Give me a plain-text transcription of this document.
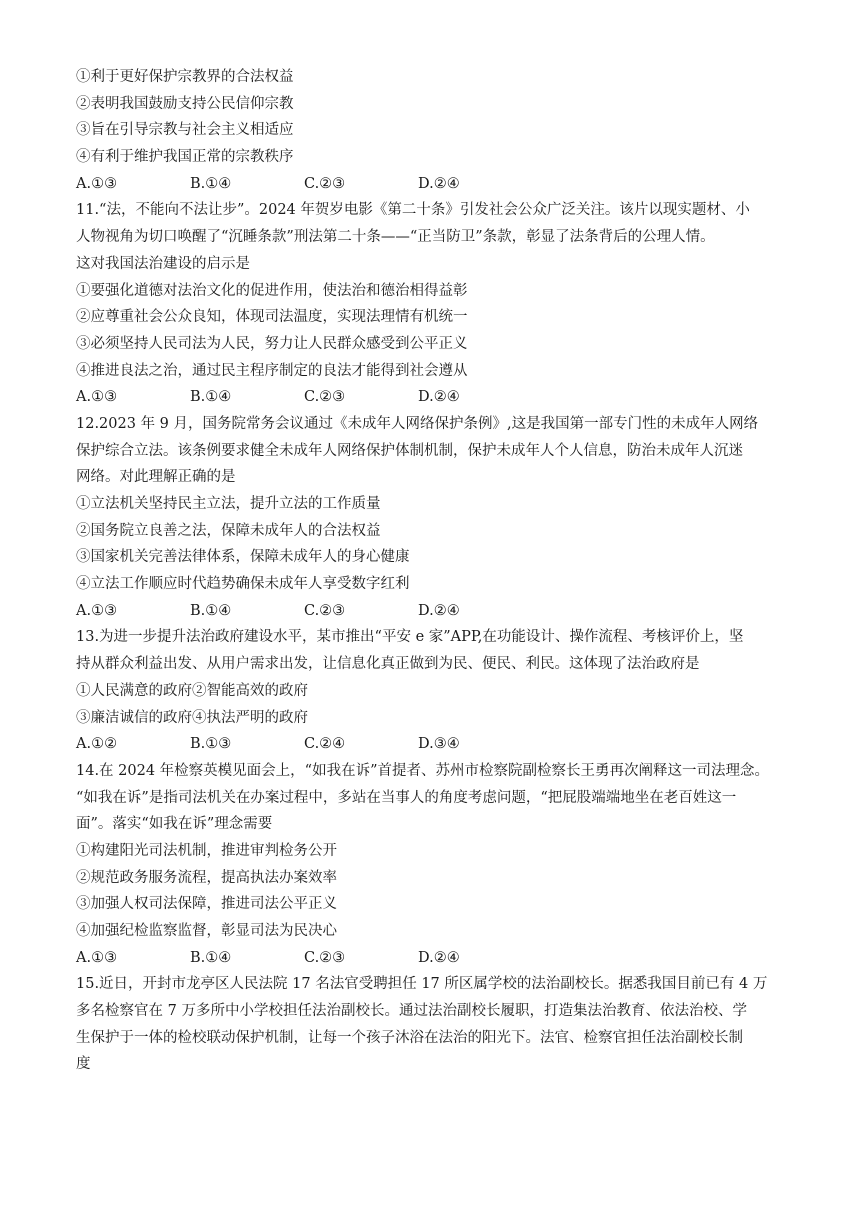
①利于更好保护宗教界的合法权益
②表明我国鼓励支持公民信仰宗教
③旨在引导宗教与社会主义相适应
④有利于维护我国正常的宗教秩序
A.①③	B.①④	C.②③	D.②④
11.“法，不能向不法让步”。2024 年贺岁电影《第二十条》引发社会公众广泛关注。该片以现实题材、小
人物视角为切口唤醒了“沉睡条款”刑法第二十条——“正当防卫”条款，彰显了法条背后的公理人情。
这对我国法治建设的启示是
①要强化道德对法治文化的促进作用，使法治和德治相得益彰
②应尊重社会公众良知，体现司法温度，实现法理情有机统一
③必须坚持人民司法为人民，努力让人民群众感受到公平正义
④推进良法之治，通过民主程序制定的良法才能得到社会遵从
A.①③	B.①④	C.②③	D.②④
12.2023 年 9 月，国务院常务会议通过《未成年人网络保护条例》,这是我国第一部专门性的未成年人网络
保护综合立法。该条例要求健全未成年人网络保护体制机制，保护未成年人个人信息，防治未成年人沉迷
网络。对此理解正确的是
①立法机关坚持民主立法，提升立法的工作质量
②国务院立良善之法，保障未成年人的合法权益
③国家机关完善法律体系，保障未成年人的身心健康
④立法工作顺应时代趋势确保未成年人享受数字红利
A.①③	B.①④	C.②③	D.②④
13.为进一步提升法治政府建设水平，某市推出“平安 e 家”APP,在功能设计、操作流程、考核评价上，坚
持从群众利益出发、从用户需求出发，让信息化真正做到为民、便民、利民。这体现了法治政府是
①人民满意的政府②智能高效的政府
③廉洁诚信的政府④执法严明的政府
A.①②	B.①③	C.②④	D.③④
14.在 2024 年检察英模见面会上，“如我在诉”首提者、苏州市检察院副检察长王勇再次阐释这一司法理念。
“如我在诉”是指司法机关在办案过程中，多站在当事人的角度考虑问题，“把屁股端端地坐在老百姓这一
面”。落实“如我在诉”理念需要
①构建阳光司法机制，推进审判检务公开
②规范政务服务流程，提高执法办案效率
③加强人权司法保障，推进司法公平正义
④加强纪检监察监督，彰显司法为民决心
A.①③	B.①④	C.②③	D.②④
15.近日，开封市龙亭区人民法院 17 名法官受聘担任 17 所区属学校的法治副校长。据悉我国目前已有 4 万
多名检察官在 7 万多所中小学校担任法治副校长。通过法治副校长履职，打造集法治教育、依法治校、学
生保护于一体的检校联动保护机制，让每一个孩子沐浴在法治的阳光下。法官、检察官担任法治副校长制
度
